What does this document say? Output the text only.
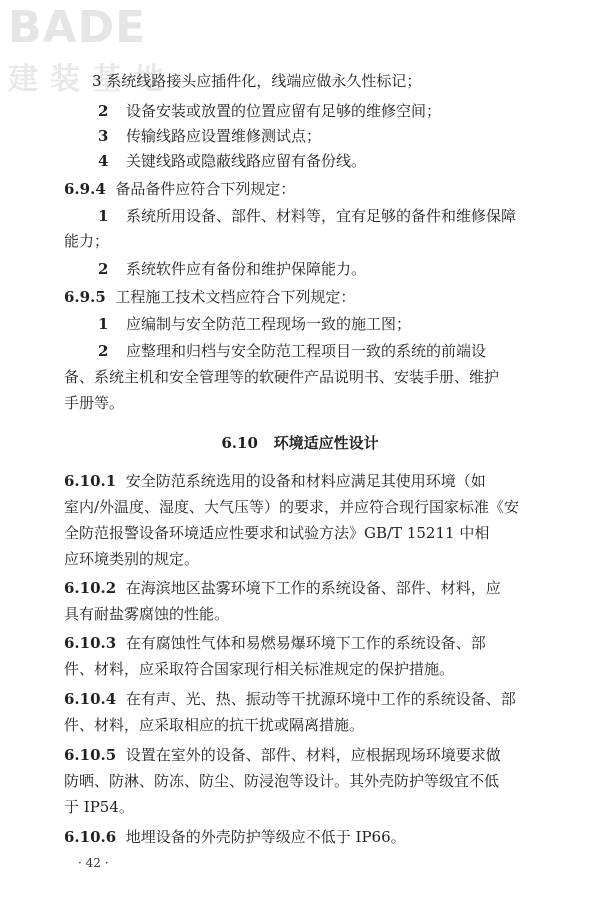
BADE
建装基地
3 系统线路接头应插件化，线端应做永久性标记；
2 设备安装或放置的位置应留有足够的维修空间；
3 传输线路应设置维修测试点；
4 关键线路或隐蔽线路应留有备份线。
6.9.4 备品备件应符合下列规定：
1 系统所用设备、部件、材料等，宜有足够的备件和维修保障
能力；
2 系统软件应有备份和维护保障能力。
6.9.5 工程施工技术文档应符合下列规定：
1 应编制与安全防范工程现场一致的施工图；
2 应整理和归档与安全防范工程项目一致的系统的前端设
备、系统主机和安全管理等的软硬件产品说明书、安装手册、维护
手册等。
6.10 环境适应性设计
6.10.1 安全防范系统选用的设备和材料应满足其使用环境（如
室内/外温度、湿度、大气压等）的要求，并应符合现行国家标准《安
全防范报警设备环境适应性要求和试验方法》GB/T 15211 中相
应环境类别的规定。
6.10.2 在海滨地区盐雾环境下工作的系统设备、部件、材料，应
具有耐盐雾腐蚀的性能。
6.10.3 在有腐蚀性气体和易燃易爆环境下工作的系统设备、部
件、材料，应采取符合国家现行相关标准规定的保护措施。
6.10.4 在有声、光、热、振动等干扰源环境中工作的系统设备、部
件、材料，应采取相应的抗干扰或隔离措施。
6.10.5 设置在室外的设备、部件、材料，应根据现场环境要求做
防晒、防淋、防冻、防尘、防浸泡等设计。其外壳防护等级宜不低
于 IP54。
6.10.6 地埋设备的外壳防护等级应不低于 IP66。
· 42 ·
